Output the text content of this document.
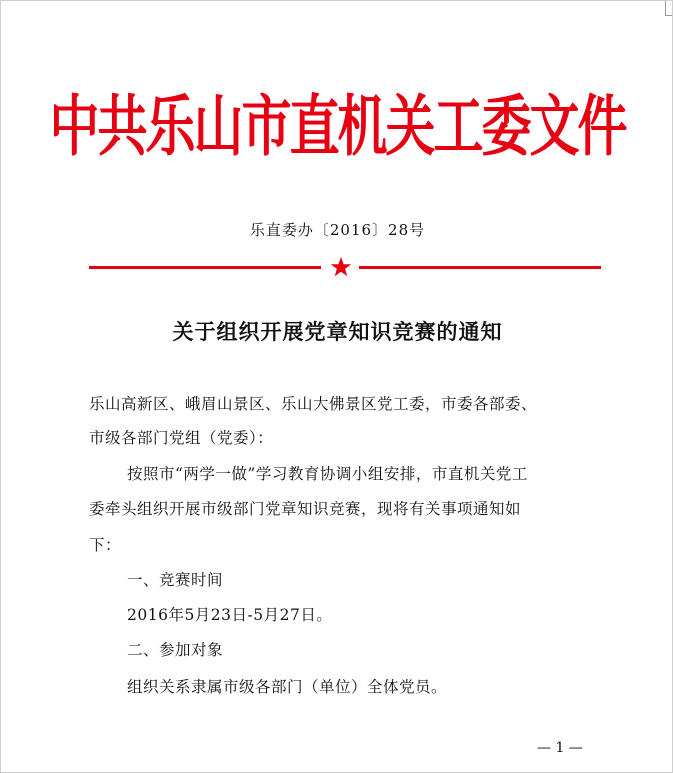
中共乐山市直机关工委文件
乐直委办〔2016〕28号
关于组织开展党章知识竞赛的通知
乐山高新区、峨眉山景区、乐山大佛景区党工委，市委各部委、
市级各部门党组（党委）：
按照市“两学一做”学习教育协调小组安排，市直机关党工
委牵头组织开展市级部门党章知识竞赛，现将有关事项通知如
下：
一、竞赛时间
2016年5月23日-5月27日。
二、参加对象
组织关系隶属市级各部门（单位）全体党员。
— 1 —
